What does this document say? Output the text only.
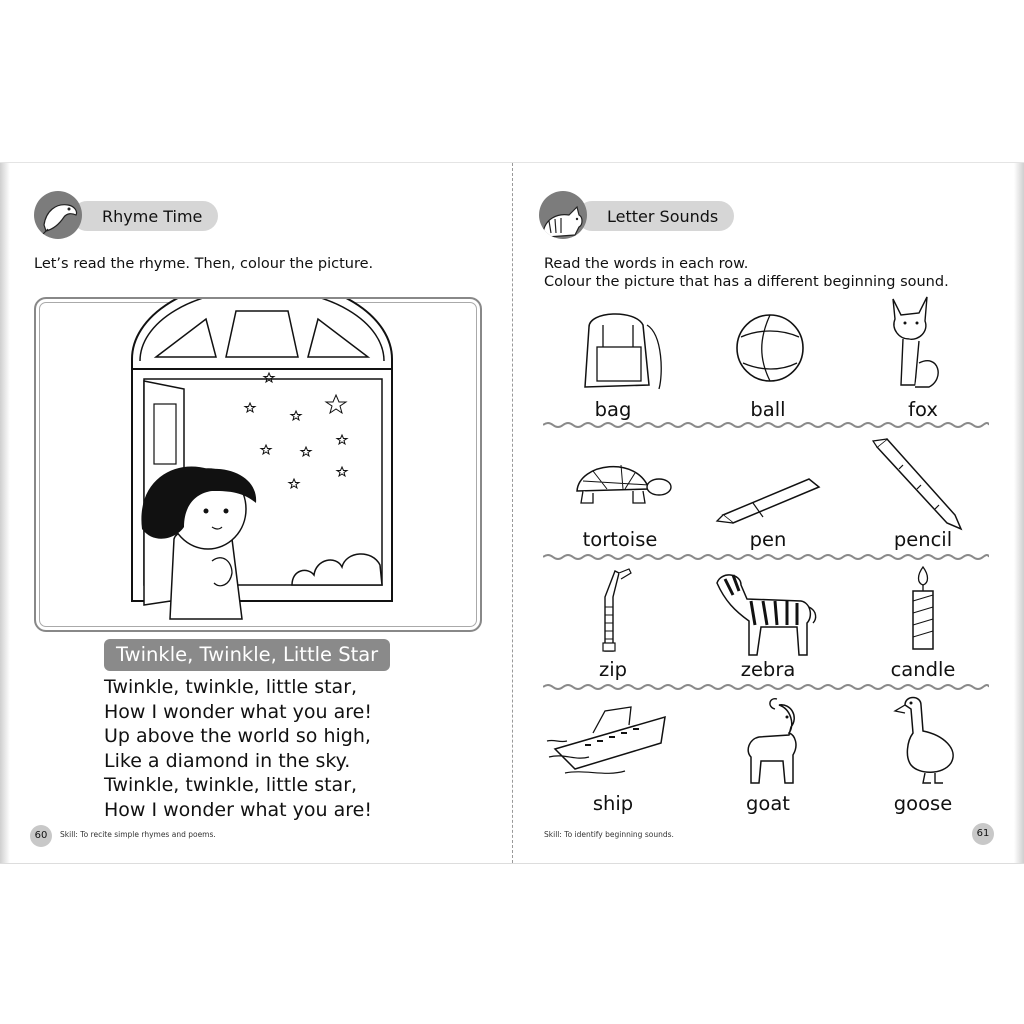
Rhyme Time
Let’s read the rhyme. Then, colour the picture.
Twinkle, Twinkle, Little Star
Twinkle, twinkle, little star,
How I wonder what you are!
Up above the world so high,
Like a diamond in the sky.
Twinkle, twinkle, little star,
How I wonder what you are!
60	Skill: To recite simple rhymes and poems.
Letter Sounds
Read the words in each row.
Colour the picture that has a different beginning sound.
bag	ball	fox
tortoise	pen	pencil
zip	zebra	candle
ship	goat	goose
Skill: To identify beginning sounds.	61
